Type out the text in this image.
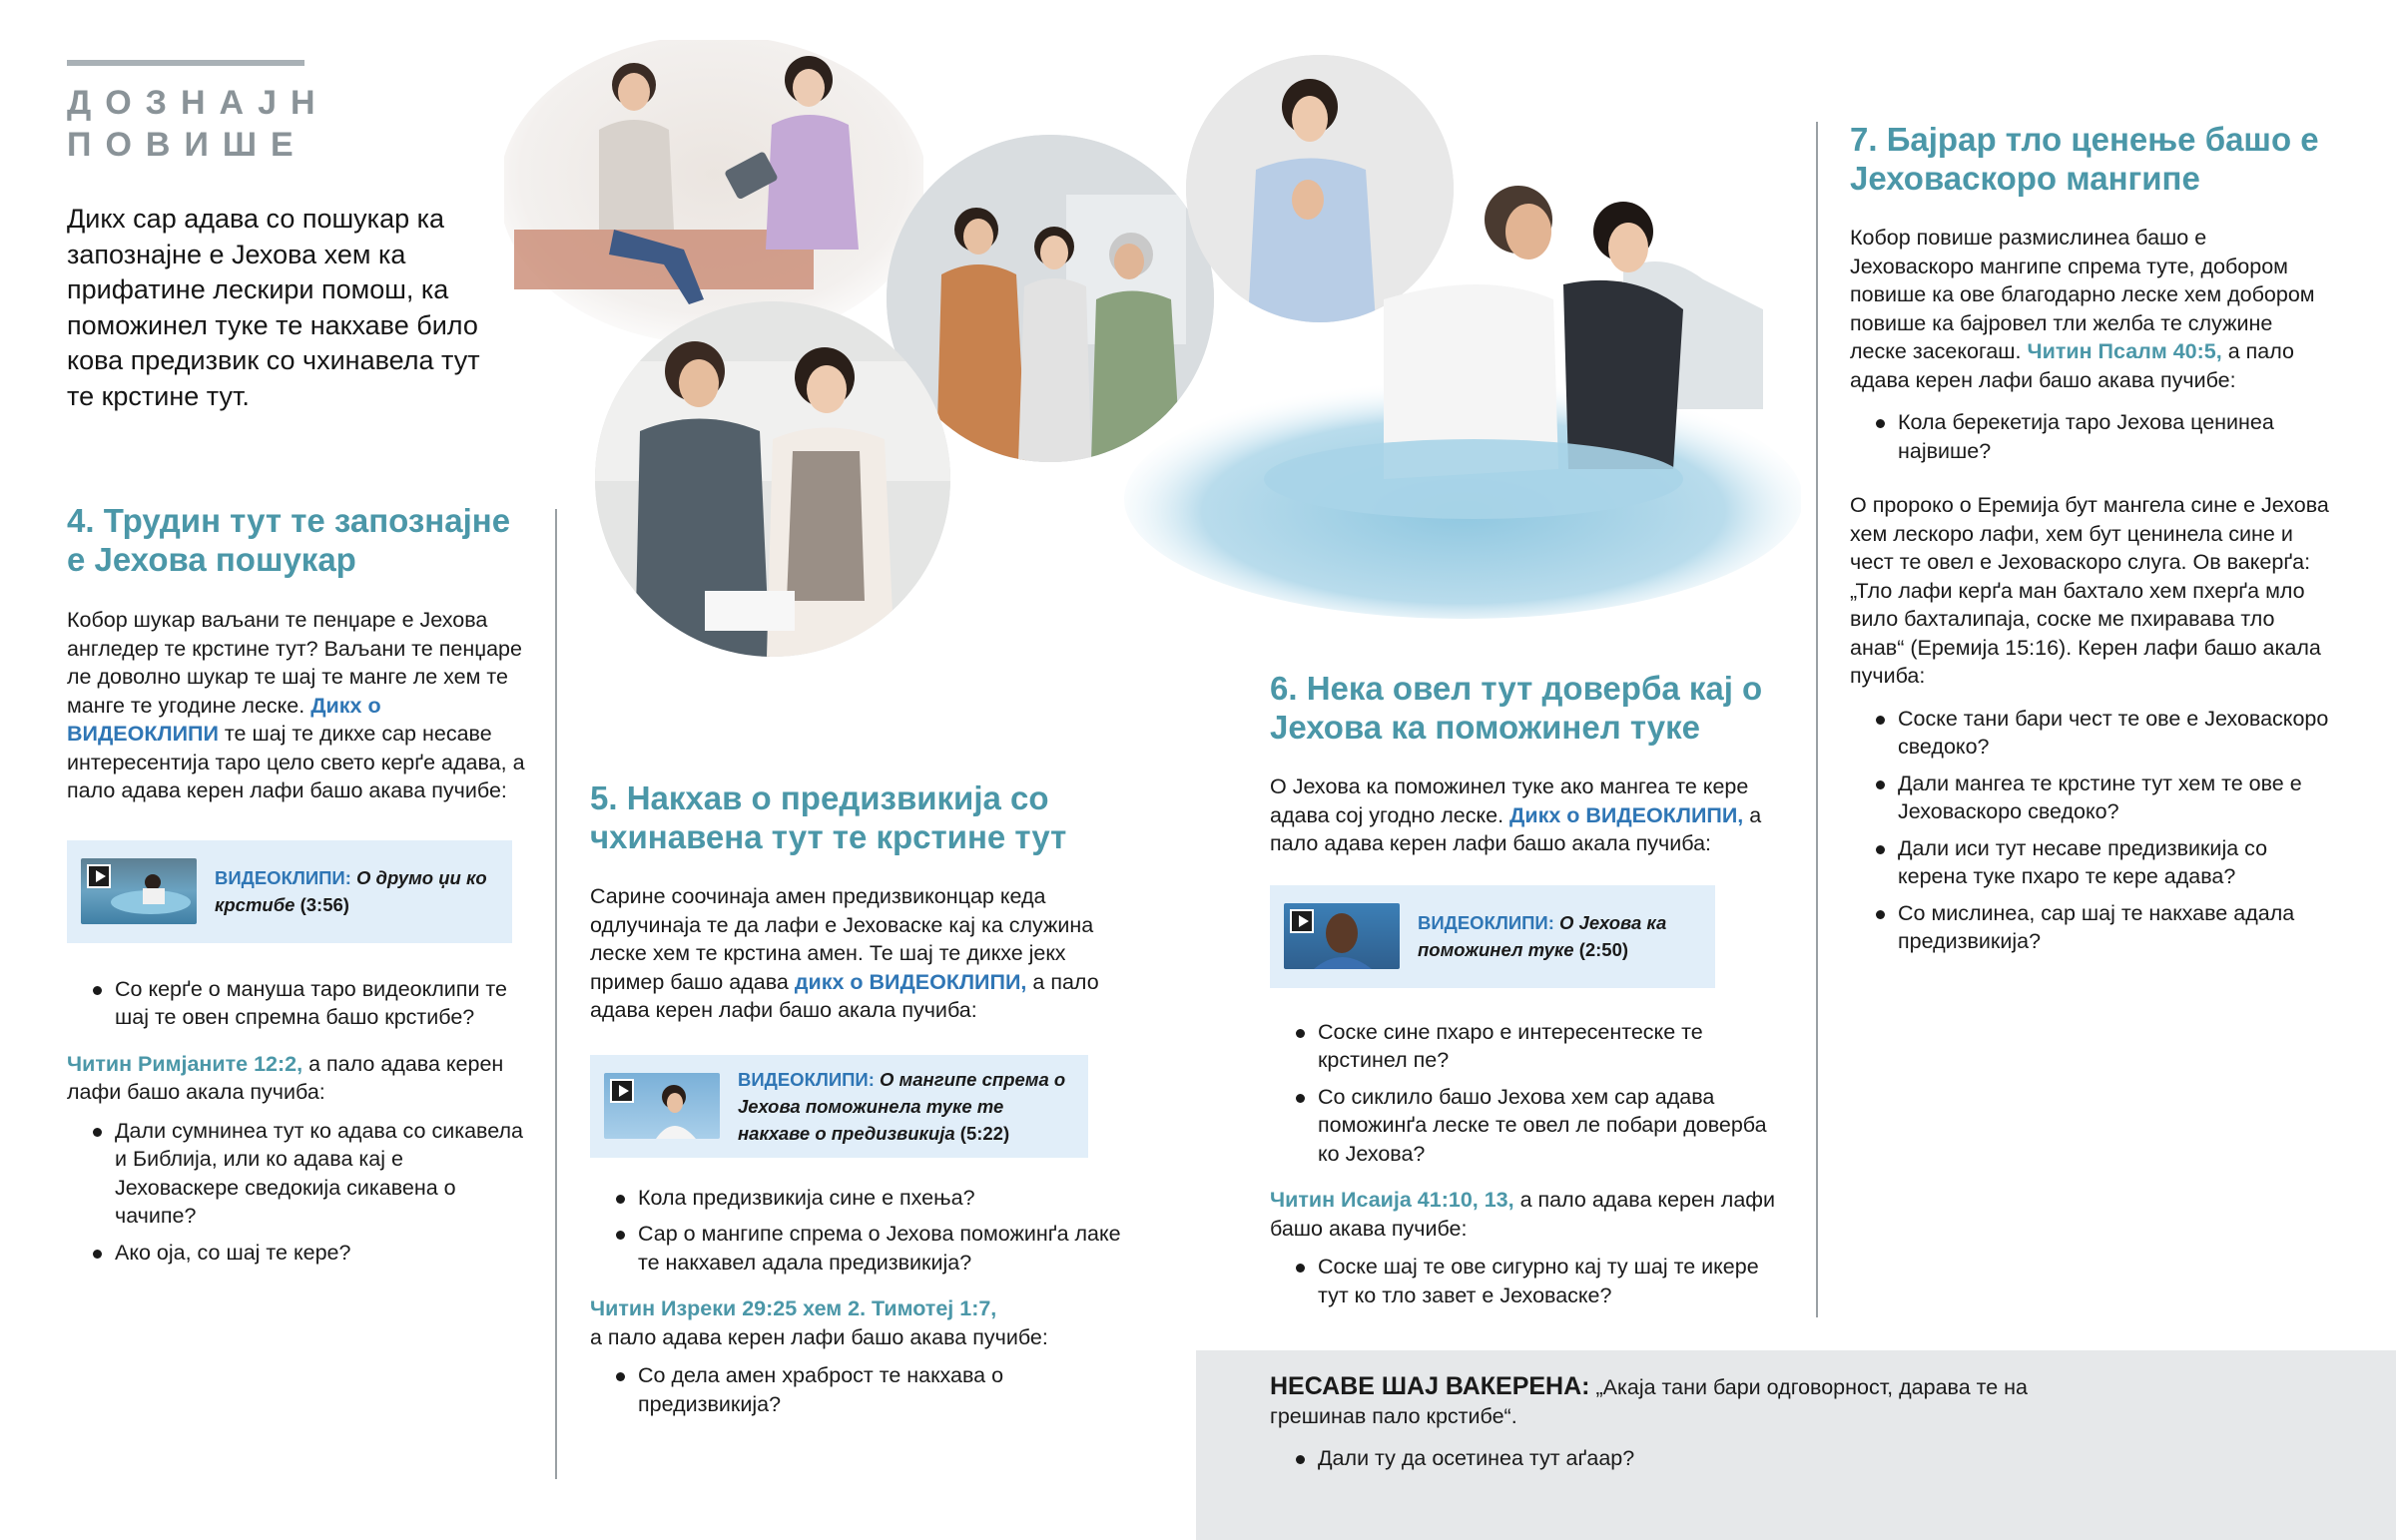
ДОЗНАЈН ПОВИШЕ
Дикх сар адава со пошукар ка запознајне е Јехова хем ка прифатине лескири помош, ка поможинел туке те накхаве било кова предизвик со чхинавела тут те крстине тут.
4. Трудин тут те запознајне е Јехова пошукар
Кобор шукар ваљани те пенџаре е Јехова англедер те крстине тут? Ваљани те пенџаре ле доволно шукар те шај те манге ле хем те манге те угодине леске. Дикх о ВИДЕОКЛИПИ те шај те дикхе сар несаве интересентија таро цело свето керґе адава, а пало адава керен лафи башо акава пучибе:
ВИДЕОКЛИПИ: О друмо џи ко крстибе (3:56)
Со керґе о мануша таро видеоклипи те шај те овен спремна башо крстибе?
Читин Римјаните 12:2, а пало адава керен лафи башо акала пучиба:
Дали сумнинеа тут ко адава со сикавела и Библија, или ко адава кај е Јеховаскере сведокија сикавена о чачипе?
Ако оја, со шај те кере?
5. Накхав о предизвикија со чхинавена тут те крстине тут
Сарине соочинаја амен предизвиконцар кеда одлучинаја те да лафи е Јеховаске кај ка служина леске хем те крстина амен. Те шај те дикхе јекх пример башо адава дикх о ВИДЕОКЛИПИ, а пало адава керен лафи башо акала пучиба:
ВИДЕОКЛИПИ: О мангипе спрема о Јехова поможинела туке те накхаве о предизвикија (5:22)
Кола предизвикија сине е пхења?
Сар о мангипе спрема о Јехова поможинґа лаке те накхавел адала предизвикија?
Читин Изреки 29:25 хем 2. Тимотеј 1:7,
а пало адава керен лафи башо акава пучибе:
Со дела амен храброст те накхава о предизвикија?
6. Нека овел тут доверба кај о Јехова ка поможинел туке
О Јехова ка поможинел туке ако мангеа те кере адава сој угодно леске. Дикх о ВИДЕОКЛИПИ, а пало адава керен лафи башо акала пучиба:
ВИДЕОКЛИПИ: О Јехова ка поможинел туке (2:50)
Соске сине пхаро е интересентеске те крстинел пе?
Со сиклило башо Јехова хем сар адава поможинґа леске те овел ле побари доверба ко Јехова?
Читин Исаија 41:10, 13, а пало адава керен лафи башо акава пучибе:
Соске шај те ове сигурно кај ту шај те икере тут ко тло завет е Јеховаске?
7. Бајрар тло ценење башо е Јеховаскоро мангипе
Кобор повише размислинеа башо е Јеховаскоро мангипе спрема туте, добором повише ка ове благодарно леске хем добором повише ка бајровел тли желба те служине леске засекогаш. Читин Псалм 40:5, а пало адава керен лафи башо акава пучибе:
Кола берекетија таро Јехова ценинеа највише?
О пророко о Еремија бут мангела сине е Јехова хем лескоро лафи, хем бут ценинела сине и чест те овел е Јеховаскоро слуга. Ов вакерґа: „Тло лафи керґа ман бахтало хем пхерґа мло вило бахталипаја, соске ме пхиравава тло анав“ (Еремија 15:16). Керен лафи башо акала пучиба:
Соске тани бари чест те ове е Јеховаскоро сведоко?
Дали мангеа те крстине тут хем те ове е Јеховаскоро сведоко?
Дали иси тут несаве предизвикија со керена туке пхаро те кере адава?
Со мислинеа, сар шај те накхаве адала предизвикија?
НЕСАВЕ ШАЈ ВАКЕРЕНА: „Акаја тани бари одговорност, дарава те на грешинав пало крстибе“.
Дали ту да осетинеа тут аґаар?
